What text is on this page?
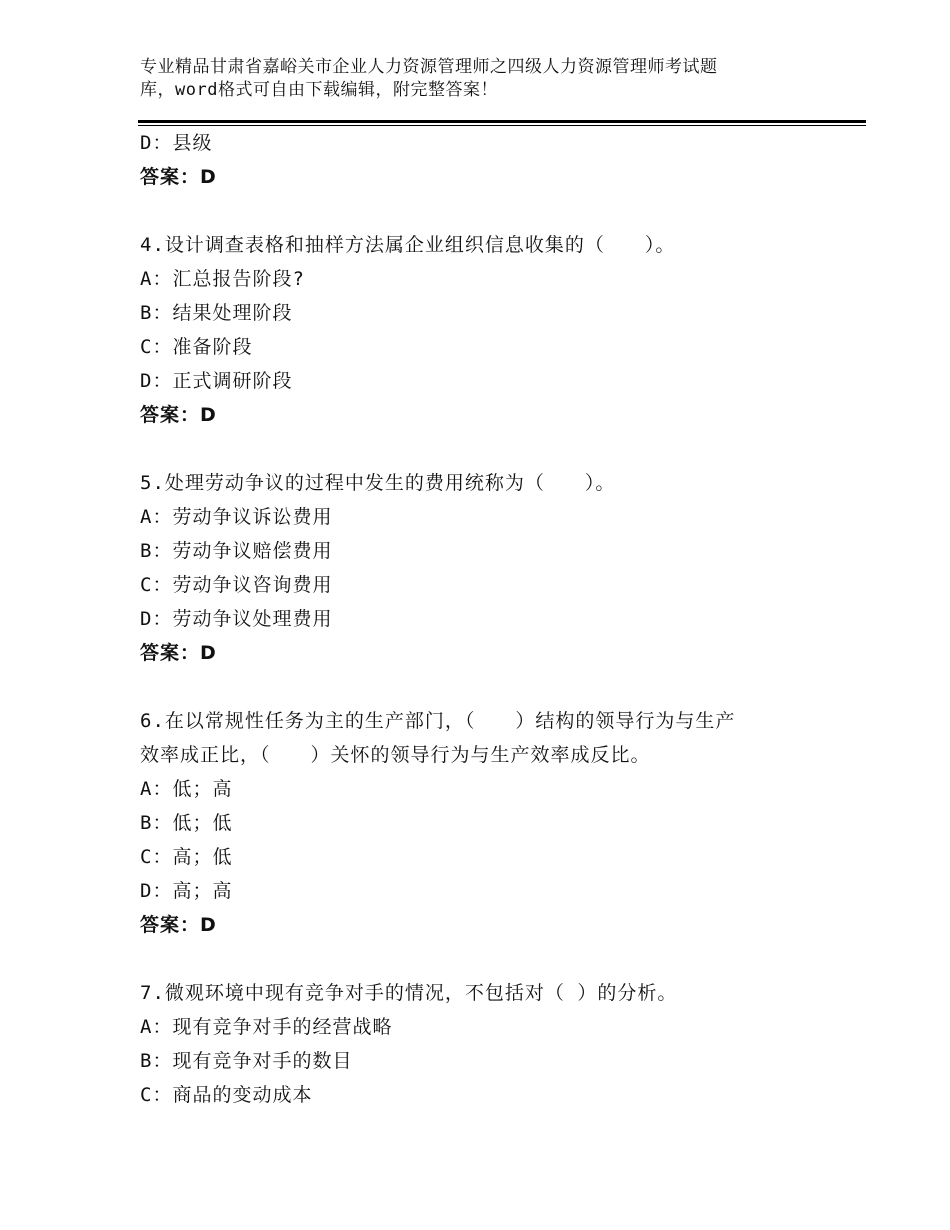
专业精品甘肃省嘉峪关市企业人力资源管理师之四级人力资源管理师考试题
库，word格式可自由下载编辑，附完整答案！
D：县级
答案：D
4.设计调查表格和抽样方法属企业组织信息收集的（　　）。
A：汇总报告阶段?
B：结果处理阶段
C：准备阶段
D：正式调研阶段
答案：D
5.处理劳动争议的过程中发生的费用统称为（　　）。
A：劳动争议诉讼费用
B：劳动争议赔偿费用
C：劳动争议咨询费用
D：劳动争议处理费用
答案：D
6.在以常规性任务为主的生产部门，（　　）结构的领导行为与生产
效率成正比，（　　）关怀的领导行为与生产效率成反比。
A：低；高
B：低；低
C：高；低
D：高；高
答案：D
7.微观环境中现有竞争对手的情况，不包括对（ ）的分析。
A：现有竞争对手的经营战略
B：现有竞争对手的数目
C：商品的变动成本
